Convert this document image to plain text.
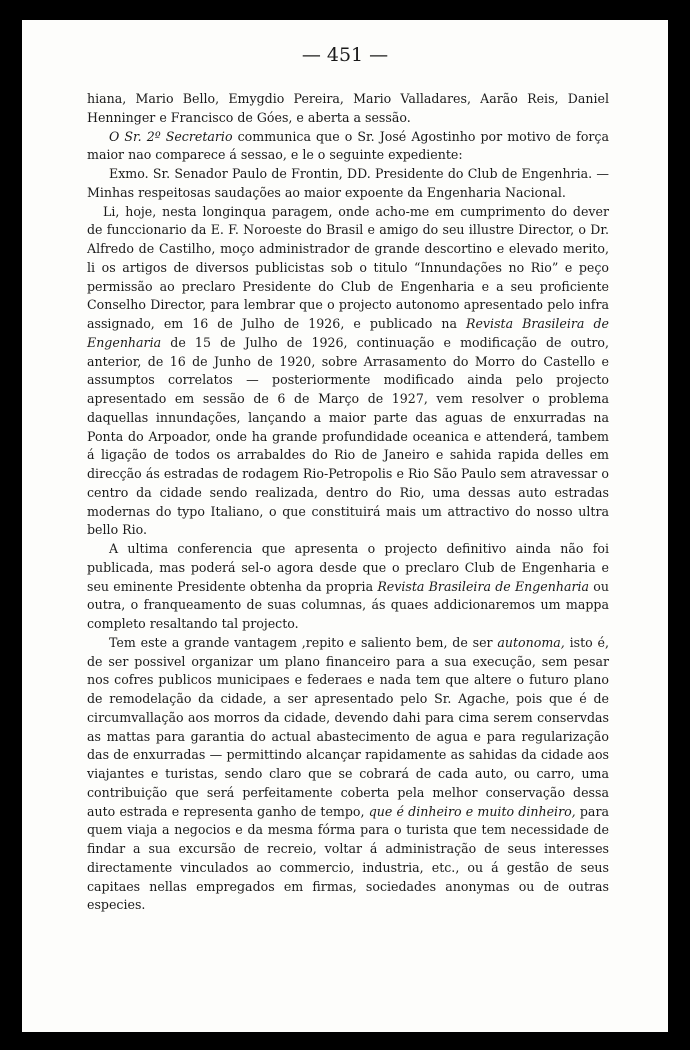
— 451 —

hiana, Mario Bello, Emygdio Pereira, Mario Valladares, Aarão Reis, Daniel Henninger e Francisco de Góes, e aberta a sessão.

O Sr. 2º Secretario communica que o Sr. José Agostinho por motivo de força maior nao comparece á sessao, e le o seguinte expediente:

Exmo. Sr. Senador Paulo de Frontin, DD. Presidente do Club de Engenhria. — Minhas respeitosas saudações ao maior expoente da Engenharia Nacional.

Li, hoje, nesta longinqua paragem, onde acho-me em cumprimento do dever de funccionario da E. F. Noroeste do Brasil e amigo do seu illustre Director, o Dr. Alfredo de Castilho, moço administrador de grande descortino e elevado merito, li os artigos de diversos publicistas sob o titulo “Innundações no Rio” e peço permissão ao preclaro Presidente do Club de Engenharia e a seu proficiente Conselho Director, para lembrar que o projecto autonomo apresentado pelo infra assignado, em 16 de Julho de 1926, e publicado na Revista Brasileira de Engenharia de 15 de Julho de 1926, continuação e modificação de outro, anterior, de 16 de Junho de 1920, sobre Arrasamento do Morro do Castello e assumptos correlatos — posteriormente modificado ainda pelo projecto apresentado em sessão de 6 de Março de 1927, vem resolver o problema daquellas innundações, lançando a maior parte das aguas de enxurradas na Ponta do Arpoador, onde ha grande profundidade oceanica e attenderá, tambem á ligação de todos os arrabaldes do Rio de Janeiro e sahida rapida delles em direcção ás estradas de rodagem Rio-Petropolis e Rio São Paulo sem atravessar o centro da cidade sendo realizada, dentro do Rio, uma dessas auto estradas modernas do typo Italiano, o que constituirá mais um attractivo do nosso ultra bello Rio.

A ultima conferencia que apresenta o projecto definitivo ainda não foi publicada, mas poderá sel-o agora desde que o preclaro Club de Engenharia e seu eminente Presidente obtenha da propria Revista Brasileira de Engenharia ou outra, o franqueamento de suas columnas, ás quaes addicionaremos um mappa completo resaltando tal projecto.

Tem este a grande vantagem ,repito e saliento bem, de ser autonoma, isto é, de ser possivel organizar um plano financeiro para a sua execução, sem pesar nos cofres publicos municipaes e federaes e nada tem que altere o futuro plano de remodelação da cidade, a ser apresentado pelo Sr. Agache, pois que é de circumvallação aos morros da cidade, devendo dahi para cima serem conservdas as mattas para garantia do actual abastecimento de agua e para regularização das de enxurradas — permittindo alcançar rapidamente as sahidas da cidade aos viajantes e turistas, sendo claro que se cobrará de cada auto, ou carro, uma contribuição que será perfeitamente coberta pela melhor conservação dessa auto estrada e representa ganho de tempo, que é dinheiro e muito dinheiro, para quem viaja a negocios e da mesma fórma para o turista que tem necessidade de findar a sua excursão de recreio, voltar á administração de seus interesses directamente vinculados ao commercio, industria, etc., ou á gestão de seus capitaes nellas empregados em firmas, sociedades anonymas ou de outras especies.
